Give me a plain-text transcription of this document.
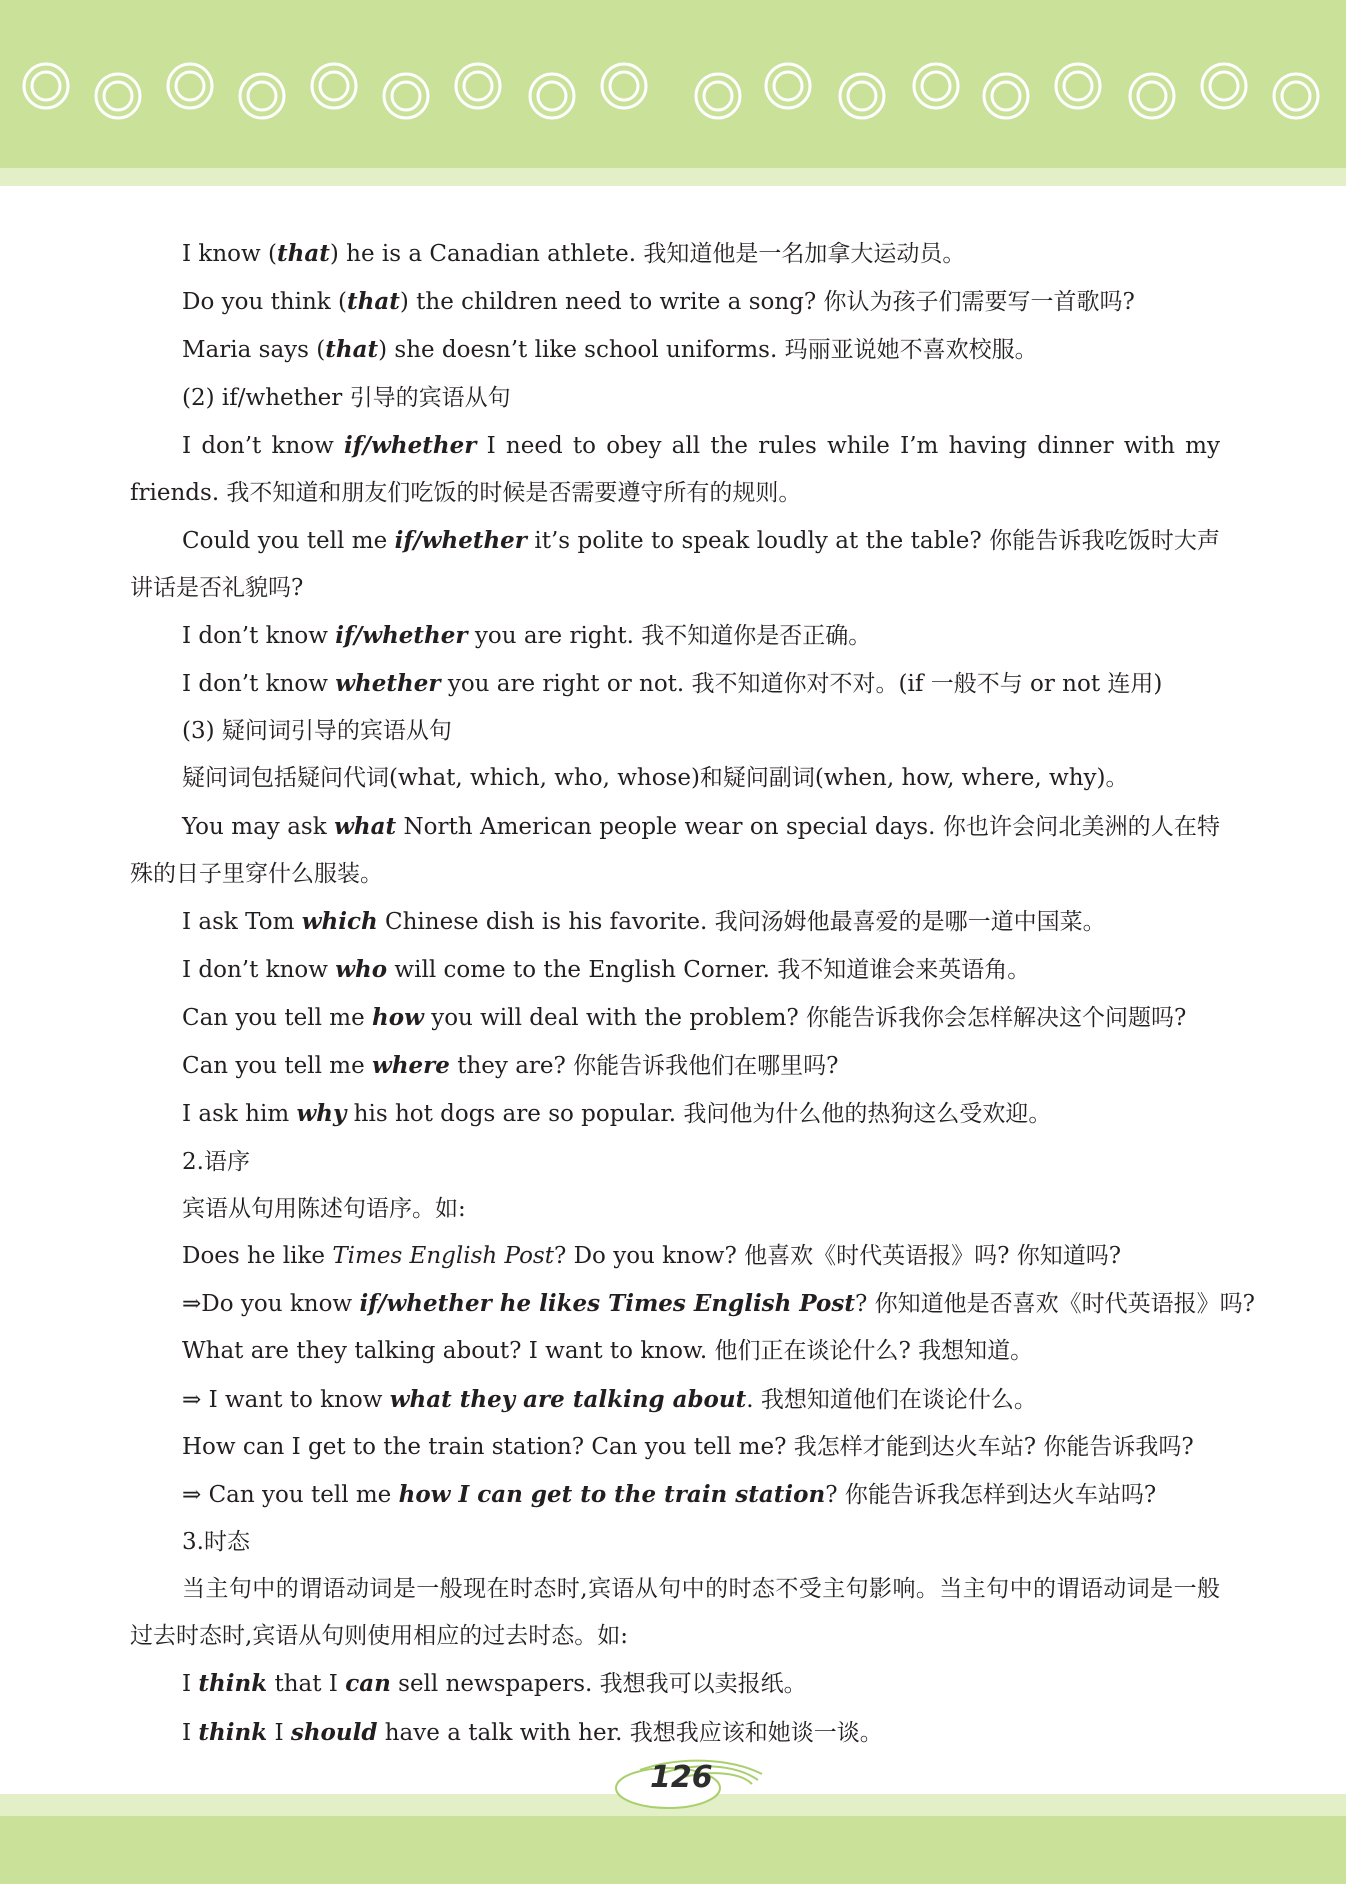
I know (that) he is a Canadian athlete. 我知道他是一名加拿大运动员。
Do you think (that) the children need to write a song? 你认为孩子们需要写一首歌吗?
Maria says (that) she doesn’t like school uniforms. 玛丽亚说她不喜欢校服。
(2) if/whether 引导的宾语从句
I don’t know if/whether I need to obey all the rules while I’m having dinner with my friends. 我不知道和朋友们吃饭的时候是否需要遵守所有的规则。
Could you tell me if/whether it’s polite to speak loudly at the table? 你能告诉我吃饭时大声讲话是否礼貌吗?
I don’t know if/whether you are right. 我不知道你是否正确。
I don’t know whether you are right or not. 我不知道你对不对。(if 一般不与 or not 连用)
(3) 疑问词引导的宾语从句
疑问词包括疑问代词(what, which, who, whose)和疑问副词(when, how, where, why)。
You may ask what North American people wear on special days. 你也许会问北美洲的人在特殊的日子里穿什么服装。
I ask Tom which Chinese dish is his favorite. 我问汤姆他最喜爱的是哪一道中国菜。
I don’t know who will come to the English Corner. 我不知道谁会来英语角。
Can you tell me how you will deal with the problem? 你能告诉我你会怎样解决这个问题吗?
Can you tell me where they are? 你能告诉我他们在哪里吗?
I ask him why his hot dogs are so popular. 我问他为什么他的热狗这么受欢迎。
2.语序
宾语从句用陈述句语序。如:
Does he like Times English Post? Do you know? 他喜欢《时代英语报》吗? 你知道吗?
⇒Do you know if/whether he likes Times English Post? 你知道他是否喜欢《时代英语报》吗?
What are they talking about? I want to know. 他们正在谈论什么? 我想知道。
⇒ I want to know what they are talking about. 我想知道他们在谈论什么。
How can I get to the train station? Can you tell me? 我怎样才能到达火车站? 你能告诉我吗?
⇒ Can you tell me how I can get to the train station? 你能告诉我怎样到达火车站吗?
3.时态
当主句中的谓语动词是一般现在时态时,宾语从句中的时态不受主句影响。当主句中的谓语动词是一般过去时态时,宾语从句则使用相应的过去时态。如:
I think that I can sell newspapers. 我想我可以卖报纸。
I think I should have a talk with her. 我想我应该和她谈一谈。
126
